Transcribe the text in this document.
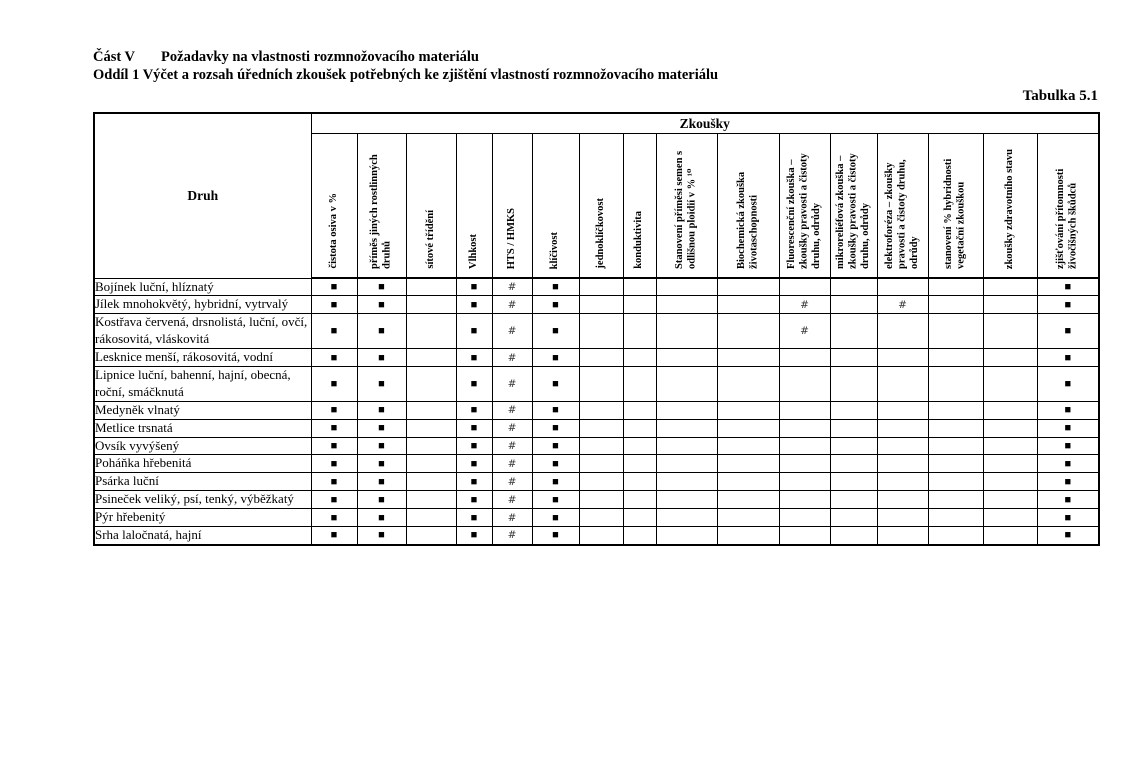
Část V Požadavky na vlastnosti rozmnožovacího materiálu
Oddíl 1 Výčet a rozsah úředních zkoušek potřebných ke zjištění vlastností rozmnožovacího materiálu
Tabulka 5.1
Druh	Zkoušky															
	čistota osiva v %	příměs jiných rostlinných druhů	sítové třídění	Vlhkost	HTS / HMKS	klíčivost	jednoklíčkovost	konduktivita	Stanovení příměsi semen s odlišnou ploidií v % ¹⁰	Biochemická zkouška životaschopnosti	Fluorescenční zkouška – zkoušky pravosti a čistoty druhu, odrůdy	mikroreliéfová zkouška – zkoušky pravosti a čistoty druhu, odrůdy	elektroforéza – zkoušky pravosti a čistoty druhu, odrůdy	stanovení % hybridnosti vegetační zkouškou	zkoušky zdravotního stavu	zjišťování přítomnosti živočišných škůdců
Bojínek luční, hlíznatý	■	■		■	#	■										■
Jílek mnohokvětý, hybridní, vytrvalý	■	■		■	#	■					#		#			■
Kostřava červená, drsnolistá, luční, ovčí, rákosovitá, vláskovitá	■	■		■	#	■					#					■
Lesknice menší, rákosovitá, vodní	■	■		■	#	■										■
Lipnice luční, bahenní, hajní, obecná, roční, smáčknutá	■	■		■	#	■										■
Medyněk vlnatý	■	■		■	#	■										■
Metlice trsnatá	■	■		■	#	■										■
Ovsík vyvýšený	■	■		■	#	■										■
Poháňka hřebenitá	■	■		■	#	■										■
Psárka luční	■	■		■	#	■										■
Psineček veliký, psí, tenký, výběžkatý	■	■		■	#	■										■
Pýr hřebenitý	■	■		■	#	■										■
Srha laločnatá, hajní	■	■		■	#	■										■
